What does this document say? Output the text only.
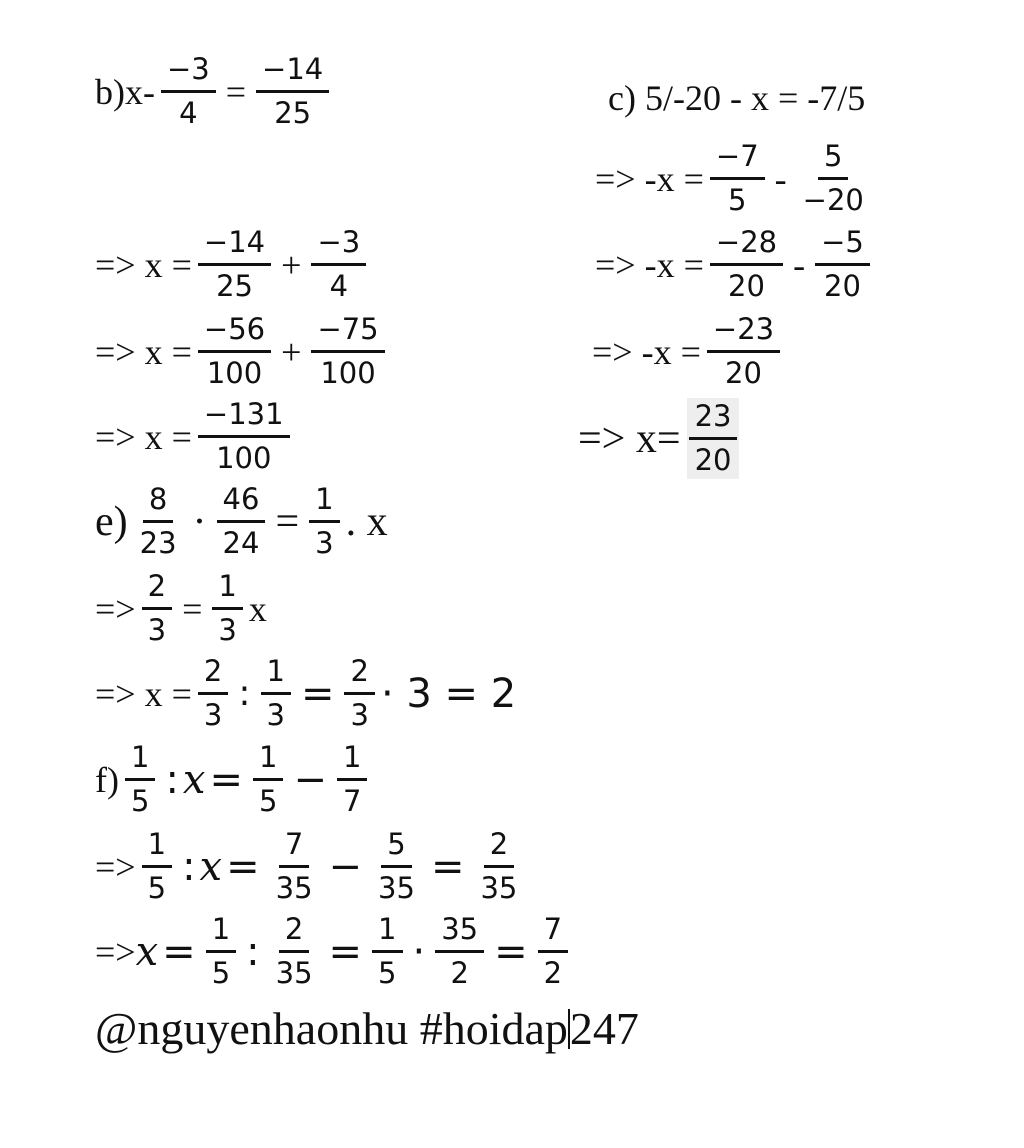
$b)x- \frac{-3}{4} = \frac{-14}{25}$
=> $x = \frac{-14}{25} + \frac{-3}{4}$
=> $x = \frac{-56}{100} + \frac{-75}{100}$
=> $x = \frac{-131}{100}$
c) 5/-20 - x = -7/5
=> $-x = \frac{-7}{5} - \frac{5}{-20}$
=> $-x = \frac{-28}{20} - \frac{-5}{20}$
=> $-x = \frac{-23}{20}$
=> $x= \frac{23}{20}$
$e) \frac{8}{23} \cdot \frac{46}{24} = \frac{1}{3}$ . x
=> $\frac{2}{3} = \frac{1}{3}$ x
=> $x = \frac{2}{3}$ : $\frac{1}{3} = \frac{2}{3} \cdot 3 = 2$
$f) \frac{1}{5}$ : 𝑥 = $\frac{1}{5} - \frac{1}{7}$
=> $\frac{1}{5}$ : 𝑥 = $\frac{7}{35} - \frac{5}{35} = \frac{2}{35}$
=> 𝑥 = $\frac{1}{5}$ : $\frac{2}{35} = \frac{1}{5} \cdot \frac{35}{2} = \frac{7}{2}$
@nguyenhaonhu #hoidap 247
